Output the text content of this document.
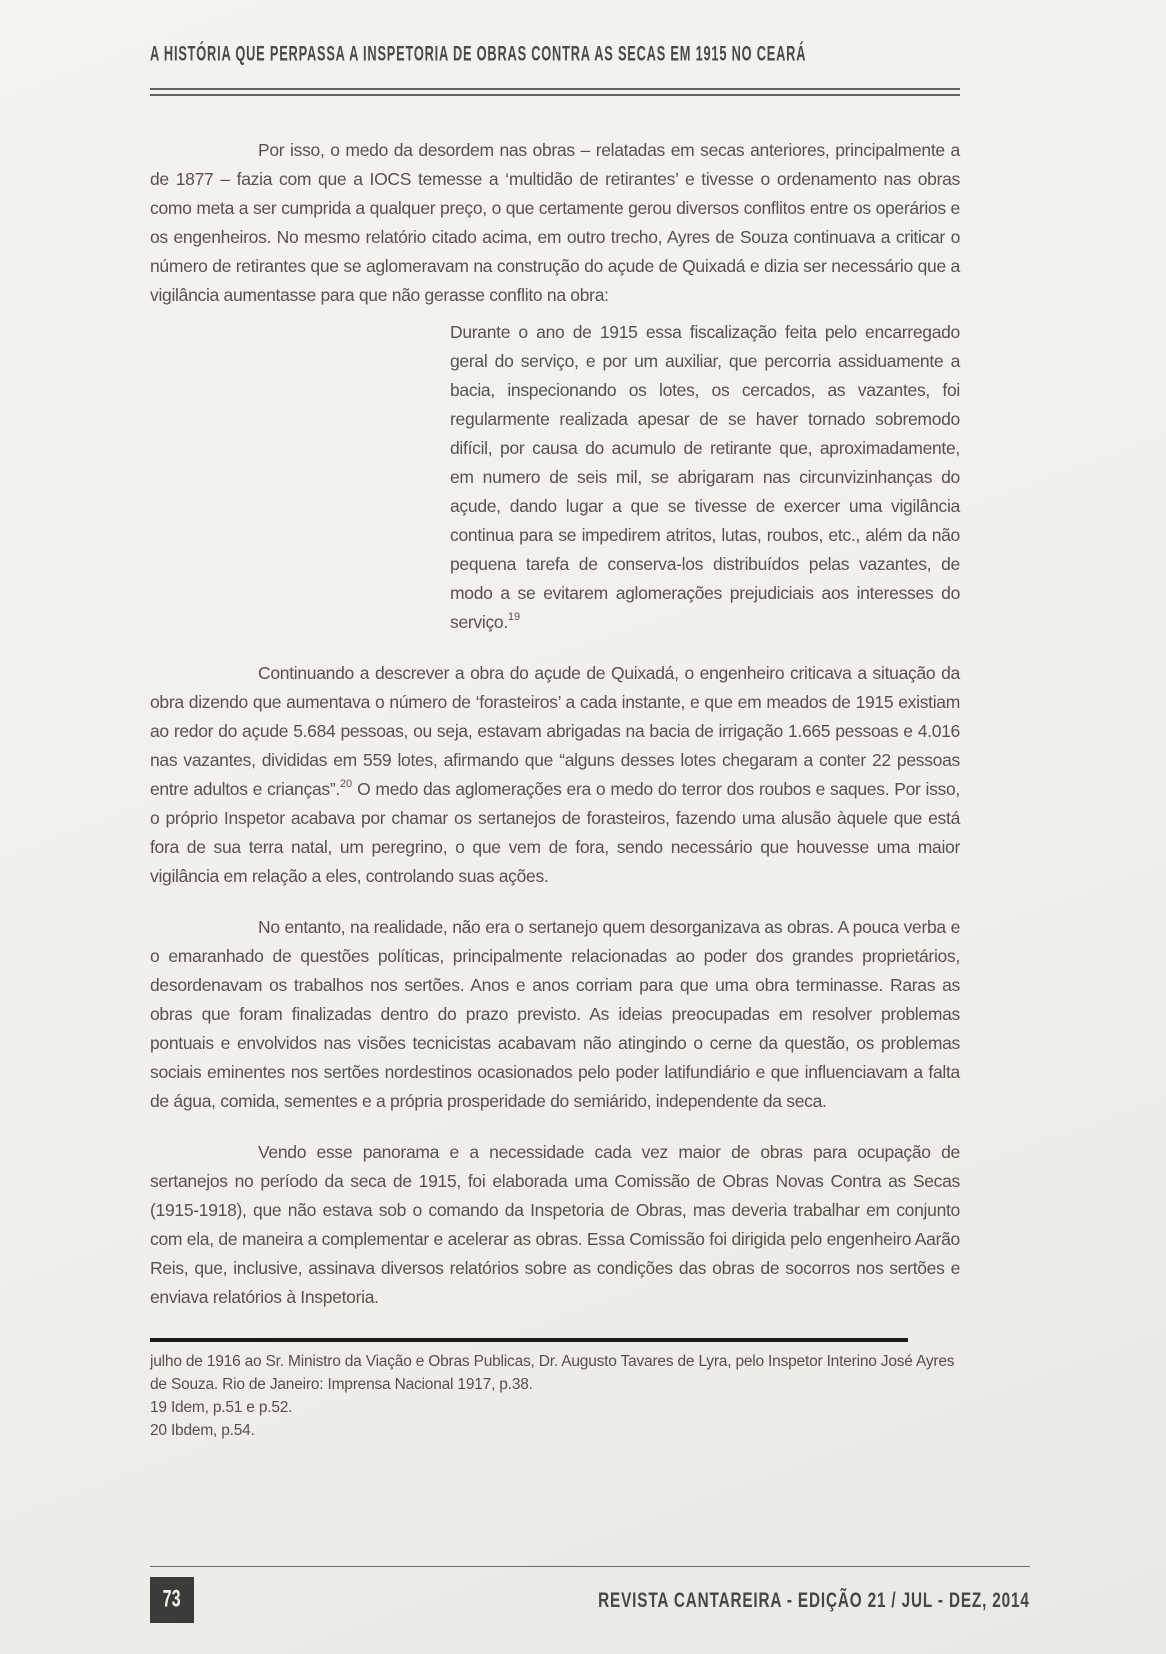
A HISTÓRIA QUE PERPASSA A INSPETORIA DE OBRAS CONTRA AS SECAS EM 1915 NO CEARÁ

Por isso, o medo da desordem nas obras – relatadas em secas anteriores, principalmente a de 1877 – fazia com que a IOCS temesse a ‘multidão de retirantes’ e tivesse o ordenamento nas obras como meta a ser cumprida a qualquer preço, o que certamente gerou diversos conflitos entre os operários e os engenheiros. No mesmo relatório citado acima, em outro trecho, Ayres de Souza continuava a criticar o número de retirantes que se aglomeravam na construção do açude de Quixadá e dizia ser necessário que a vigilância aumentasse para que não gerasse conflito na obra:

Durante o ano de 1915 essa fiscalização feita pelo encarregado geral do serviço, e por um auxiliar, que percorria assiduamente a bacia, inspecionando os lotes, os cercados, as vazantes, foi regularmente realizada apesar de se haver tornado sobremodo difícil, por causa do acumulo de retirante que, aproximadamente, em numero de seis mil, se abrigaram nas circunvizinhanças do açude, dando lugar a que se tivesse de exercer uma vigilância continua para se impedirem atritos, lutas, roubos, etc., além da não pequena tarefa de conserva-los distribuídos pelas vazantes, de modo a se evitarem aglomerações prejudiciais aos interesses do serviço.$^{19}$

Continuando a descrever a obra do açude de Quixadá, o engenheiro criticava a situação da obra dizendo que aumentava o número de ‘forasteiros’ a cada instante, e que em meados de 1915 existiam ao redor do açude 5.684 pessoas, ou seja, estavam abrigadas na bacia de irrigação 1.665 pessoas e 4.016 nas vazantes, divididas em 559 lotes, afirmando que “alguns desses lotes chegaram a conter 22 pessoas entre adultos e crianças”.$^{20}$ O medo das aglomerações era o medo do terror dos roubos e saques. Por isso, o próprio Inspetor acabava por chamar os sertanejos de forasteiros, fazendo uma alusão àquele que está fora de sua terra natal, um peregrino, o que vem de fora, sendo necessário que houvesse uma maior vigilância em relação a eles, controlando suas ações.

No entanto, na realidade, não era o sertanejo quem desorganizava as obras. A pouca verba e o emaranhado de questões políticas, principalmente relacionadas ao poder dos grandes proprietários, desordenavam os trabalhos nos sertões. Anos e anos corriam para que uma obra terminasse. Raras as obras que foram finalizadas dentro do prazo previsto. As ideias preocupadas em resolver problemas pontuais e envolvidos nas visões tecnicistas acabavam não atingindo o cerne da questão, os problemas sociais eminentes nos sertões nordestinos ocasionados pelo poder latifundiário e que influenciavam a falta de água, comida, sementes e a própria prosperidade do semiárido, independente da seca.

Vendo esse panorama e a necessidade cada vez maior de obras para ocupação de sertanejos no período da seca de 1915, foi elaborada uma Comissão de Obras Novas Contra as Secas (1915-1918), que não estava sob o comando da Inspetoria de Obras, mas deveria trabalhar em conjunto com ela, de maneira a complementar e acelerar as obras. Essa Comissão foi dirigida pelo engenheiro Aarão Reis, que, inclusive, assinava diversos relatórios sobre as condições das obras de socorros nos sertões e enviava relatórios à Inspetoria.

julho de 1916 ao Sr. Ministro da Viação e Obras Publicas, Dr. Augusto Tavares de Lyra, pelo Inspetor Interino José Ayres de Souza. Rio de Janeiro: Imprensa Nacional 1917, p.38.
19 Idem, p.51 e p.52.
20 Ibdem, p.54.
73	REVISTA CANTAREIRA - EDIÇÃO 21 / JUL - DEZ, 2014
